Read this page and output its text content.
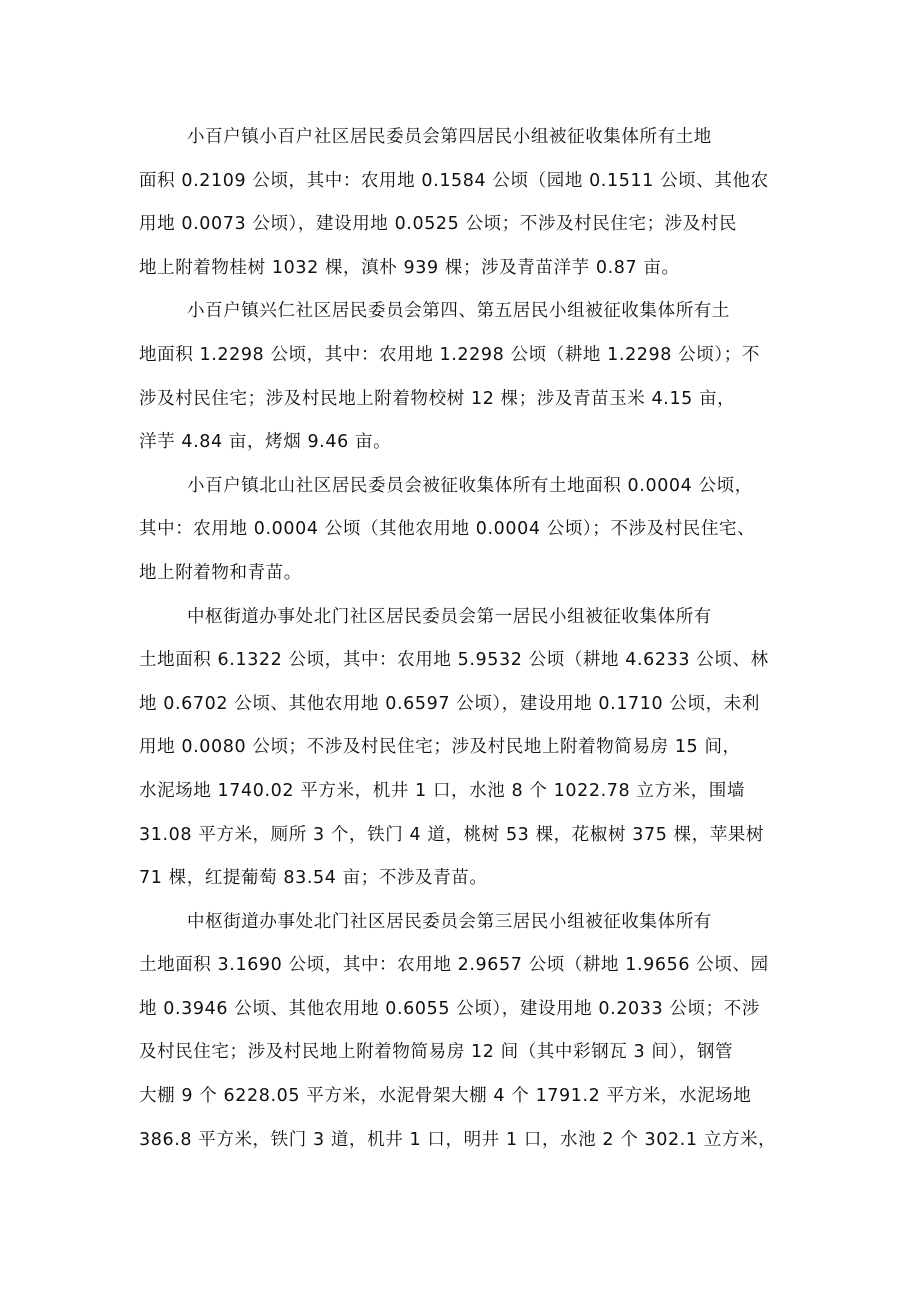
小百户镇小百户社区居民委员会第四居民小组被征收集体所有土地
面积 0.2109 公顷，其中：农用地 0.1584 公顷（园地 0.1511 公顷、其他农
用地 0.0073 公顷），建设用地 0.0525 公顷；不涉及村民住宅；涉及村民
地上附着物桂树 1032 棵，滇朴 939 棵；涉及青苗洋芋 0.87 亩。
小百户镇兴仁社区居民委员会第四、第五居民小组被征收集体所有土
地面积 1.2298 公顷，其中：农用地 1.2298 公顷（耕地 1.2298 公顷）；不
涉及村民住宅；涉及村民地上附着物校树 12 棵；涉及青苗玉米 4.15 亩，
洋芋 4.84 亩，烤烟 9.46 亩。
小百户镇北山社区居民委员会被征收集体所有土地面积 0.0004 公顷，
其中：农用地 0.0004 公顷（其他农用地 0.0004 公顷）；不涉及村民住宅、
地上附着物和青苗。
中枢街道办事处北门社区居民委员会第一居民小组被征收集体所有
土地面积 6.1322 公顷，其中：农用地 5.9532 公顷（耕地 4.6233 公顷、林
地 0.6702 公顷、其他农用地 0.6597 公顷），建设用地 0.1710 公顷，未利
用地 0.0080 公顷；不涉及村民住宅；涉及村民地上附着物简易房 15 间，
水泥场地 1740.02 平方米，机井 1 口，水池 8 个 1022.78 立方米，围墙
31.08 平方米，厕所 3 个，铁门 4 道，桃树 53 棵，花椒树 375 棵，苹果树
71 棵，红提葡萄 83.54 亩；不涉及青苗。
中枢街道办事处北门社区居民委员会第三居民小组被征收集体所有
土地面积 3.1690 公顷，其中：农用地 2.9657 公顷（耕地 1.9656 公顷、园
地 0.3946 公顷、其他农用地 0.6055 公顷），建设用地 0.2033 公顷；不涉
及村民住宅；涉及村民地上附着物简易房 12 间（其中彩钢瓦 3 间），钢管
大棚 9 个 6228.05 平方米，水泥骨架大棚 4 个 1791.2 平方米，水泥场地
386.8 平方米，铁门 3 道，机井 1 口，明井 1 口，水池 2 个 302.1 立方米，
